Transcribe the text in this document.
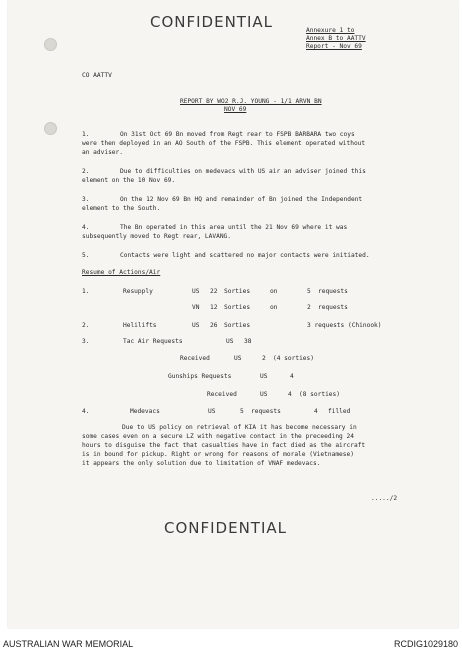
CONFIDENTIAL	Annexure 1 to
Annex B to AATTV
Report - Nov 69
CO AATTV
REPORT BY WO2 R.J. YOUNG - 1/1 ARVN BN
NOV 69
1.	On 31st Oct 69 Bn moved from Regt rear to FSPB BARBARA two coys
were then deployed in an AO South of the FSPB. This element operated without
an adviser.
2.	Due to difficulties on medevacs with US air an adviser joined this
element on the 10 Nov 69.
3.	On the 12 Nov 69 Bn HQ and remainder of Bn joined the Independent
element to the South.
4.	The Bn operated in this area until the 21 Nov 69 where it was
subsequently moved to Regt rear, LAVANG.
5.	Contacts were light and scattered no major contacts were initiated.
Resume of Actions/Air
1.	Resupply	US 22 Sorties	on	5 requests
VN 12 Sorties	on	2 requests
2.	Helilifts	US 26 Sorties	3 requests (Chinook)
3.	Tac Air Requests	US 38
Received	US	2 (4 sorties)
Gunships Requests	US	4
Received	US	4 (8 sorties)
4.	Medevacs	US	5 requests	4 filled
Due to US policy on retrieval of KIA it has become necessary in
some cases even on a secure LZ with negative contact in the preceeding 24
hours to disguise the fact that casualties have in fact died as the aircraft
is in bound for pickup. Right or wrong for reasons of morale (Vietnamese)
it appears the only solution due to limitation of VNAF medevacs.
...../2
CONFIDENTIAL
AUSTRALIAN WAR MEMORIAL	RCDIG1029180
